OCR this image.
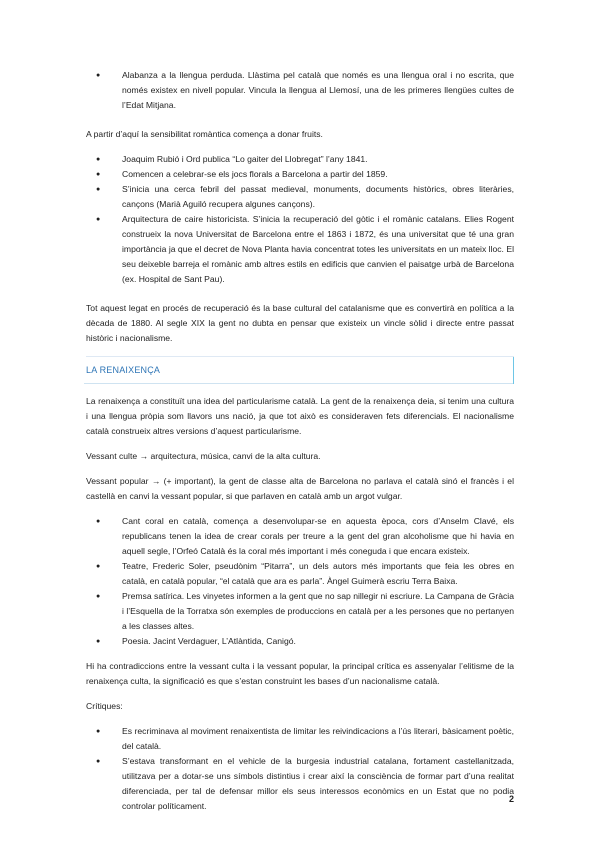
● Alabanza a la llengua perduda. Llàstima pel català que només es una llengua oral i no escrita, que només existex en nivell popular. Vincula la llengua al Llemosí, una de les primeres llengües cultes de l’Edat Mitjana.

A partir d’aquí la sensibilitat romàntica comença a donar fruits.

● Joaquim Rubió i Ord publica “Lo gaiter del Llobregat” l’any 1841.
● Comencen a celebrar-se els jocs florals a Barcelona a partir del 1859.
● S’inicia una cerca febril del passat medieval, monuments, documents històrics, obres literàries, cançons (Marià Aguiló recupera algunes cançons).
● Arquitectura de caire historicista. S’inicia la recuperació del gòtic i el romànic catalans. Elies Rogent construeix la nova Universitat de Barcelona entre el 1863 i 1872, és una universitat que té una gran importància ja que el decret de Nova Planta havia concentrat totes les universitats en un mateix lloc. El seu deixeble barreja el romànic amb altres estils en edificis que canvien el paisatge urbà de Barcelona (ex. Hospital de Sant Pau).

Tot aquest legat en procés de recuperació és la base cultural del catalanisme que es convertirà en política a la dècada de 1880. Al segle XIX la gent no dubta en pensar que existeix un vincle sòlid i directe entre passat històric i nacionalisme.

LA RENAIXENÇA

La renaixença a constituït una idea del particularisme català. La gent de la renaixença deia, si tenim una cultura i una llengua pròpia som llavors uns nació, ja que tot això es consideraven fets diferencials. El nacionalisme català construeix altres versions d’aquest particularisme.

Vessant culte → arquitectura, música, canvi de la alta cultura.

Vessant popular → (+ important), la gent de classe alta de Barcelona no parlava el català sinó el francès i el castellà en canvi la vessant popular, si que parlaven en català amb un argot vulgar.

● Cant coral en català, comença a desenvolupar-se en aquesta època, cors d’Anselm Clavé, els republicans tenen la idea de crear corals per treure a la gent del gran alcoholisme que hi havia en aquell segle, l’Orfeó Català és la coral més important i més coneguda i que encara existeix.
● Teatre, Frederic Soler, pseudònim “Pitarra”, un dels autors més importants que feia les obres en català, en català popular, “el català que ara es parla”. Àngel Guimerà escriu Terra Baixa.
● Premsa satírica. Les vinyetes informen a la gent que no sap nillegir ni escriure. La Campana de Gràcia i l’Esquella de la Torratxa són exemples de produccions en català per a les persones que no pertanyen a les classes altes.
● Poesia. Jacint Verdaguer, L’Atlàntida, Canigó.

Hi ha contradiccions entre la vessant culta i la vessant popular, la principal crítica es assenyalar l’elitisme de la renaixença culta, la significació es que s’estan construint les bases d’un nacionalisme català.

Crítiques:

● Es recriminava al moviment renaixentista de limitar les reivindicacions a l’ús literari, bàsicament poètic, del català.
● S’estava transformant en el vehicle de la burgesia industrial catalana, fortament castellanitzada, utilitzava per a dotar-se uns símbols distintius i crear així la consciència de formar part d’una realitat diferenciada, per tal de defensar millor els seus interessos econòmics en un Estat que no podia controlar políticament.
2
